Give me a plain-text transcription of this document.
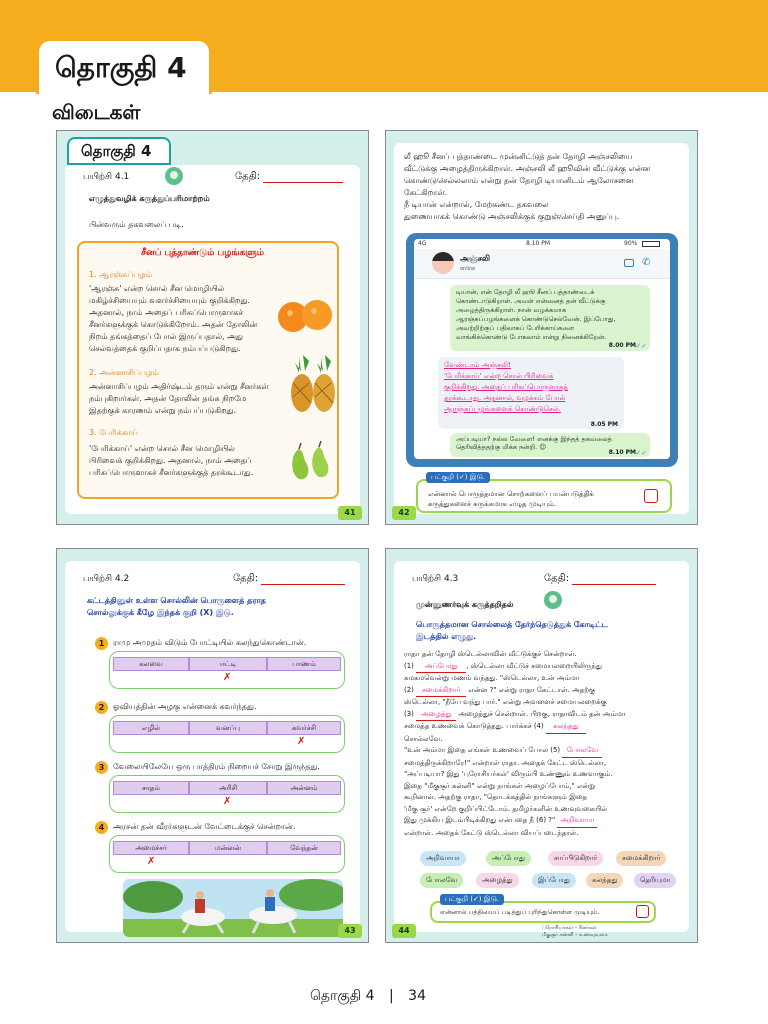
தொகுதி 4
விடைகள்
தொகுதி 4
பயிற்சி 4.1	தேதி:
எழுத்துவழிக் கருத்துப்பரிமாற்றம்
பின்வரும் தகவலைப் படி.
சீனப் புத்தாண்டும் பழங்களும்
1. ஆரஞ்சுப்பழம்
'ஆரஞ்சு' என்ற சொல் சீன மொழியில்
மகிழ்ச்சியையும் வளர்ச்சியையும் குறிக்கிறது.
அதனால், நாம் அதைப் பரிசுப்பொருளாகச்
சீனர்களுக்குக் கொடுக்கிறோம். அதன் தோலின்
நிறம் தங்கத்தைப் போல் இருப்பதால், அது
செல்வத்தைக் குறிப்பதாக நம்பப்படுகிறது.
2. அன்னாசிப்பழம்
அன்னாசிப்பழம் அதிர்ஷ்டம் தரும் என்று சீனர்கள்
நம்புகிறார்கள். அதன் தோலின் தங்க நிறமே
இதற்குக் காரணம் என்று நம்பப்படுகிறது.
3. பேரிக்காய்
'பேரிக்காய்' என்ற சொல் சீன மொழியில்
பிரிவைக் குறிக்கிறது. அதனால், நாம் அதைப்
பரிசுப்பொருளாகச் சீனர்களுக்குத் தரக்கூடாது.
41
லீ ஹூ சீனப் புத்தாண்டை முன்னிட்டுத் தன் தோழி அஞ்சலியை
வீட்டுக்கு அழைத்திருக்கிறாள். அஞ்சலி லீ ஹூவின் வீட்டுக்கு என்ன
கொண்டுசெல்லலாம் என்று தன் தோழி டியானிடம் ஆலோசனை
கேட்கிறாள்.
நீ டியான் என்றால், மேற்கண்ட தகவலை
துணையாகக் கொண்டு அஞ்சலிக்குக் குறுஞ்செய்தி அனுப்பு.
4G	8.10 PM	90%
அஞ்சலி
online
✆
டியான், என் தோழி லீ ஹூ சீனப் புத்தாண்டைக்
கொண்டாடுகிறாள். அவள் என்னைத் தன் வீட்டுக்கு
அழைத்திருக்கிறாள். நான் வழக்கமாக
ஆரஞ்சுப்பழங்களைக் கொண்டுசெல்வேன். இப்போது,
அவற்றிற்குப் பதிலாகப் பேரிக்காய்களை
வாங்கிக்கொண்டு போகலாம் என்று நினைக்கிறேன்.
8.00 PM ✓✓
வேண்டாம் அஞ்சலி!
'பேரிக்காய்' என்ற சொல் பிரிவைக்
குறிக்கிறது. அதைப் பரிசுப்பொருளாகத்
தரக்கூடாது. அதனால், வழக்கம் போல்
ஆரஞ்சுப்பழங்களைக் கொண்டுசெல்.
8.05 PM
அப்படியா? நல்ல வேளை! எனக்கு இந்தத் தகவலைத்
தெரிவித்ததற்கு மிக்க நன்றி. ☺
8.10 PM ✓✓
பட்குறி (✓) இடு.
என்னால் பொருத்தமான சொற்களைப் பயன்படுத்திக்
கருத்துகளைச் சுருக்கமாக எழுத முடியும்.
42
பயிற்சி 4.2	தேதி:
கட்டத்தினுள் உள்ள சொல்லின் பொருளைத் தராத
சொல்லுக்குக் கீழே இந்தக் குறி (X) இடு.
1	ராமு அமுதம் விடும் போட்டியில் கலந்துகொண்டான்.
கலவை	ஈட்டி	பாணம்
✗
2	ஓவியத்தின் அழகு என்னைக் கவர்ந்தது.
எழில்	வனப்பு	கவர்ச்சி
✗
3	வேலையிலேயே ஒரு பாத்திரம் நிறையச் சோறு இருந்தது.
சாதம்	அரிசி	அன்னம்
✗
4	அரசன் தன் வீரர்களுடன் வேட்டைக்குச் சென்றான்.
அமைச்சர்	மன்னன்	வேந்தன்
✗
43
பயிற்சி 4.3	தேதி:
முன்னுணர்வுக் கருத்தறிதல்
பொருத்தமான சொல்லைத் தேர்ந்தெடுத்துக் கோடிட்ட
இடத்தில் எழுது.
ராதா தன் தோழி ஸ்டெல்லாவின் வீட்டுக்குச் சென்றாள்.
(1) அப்போது , ஸ்டெல்லா வீட்டுச் சமையலறையிலிருந்து
கமகமவென்று மணம் வந்தது. "ஸ்டெல்லா, உன் அம்மா
(2) சமைக்கிறார் என்ன ?" என்று ராதா கேட்டாள். அதற்கு
ஸ்டெல்லா, "நீயே வந்து பார்." என்று அவளைச் சமையலறைக்கு
(3) அழைத்து அழைத்துச் சென்றாள். பிறகு, ராதாவிடம் தன் அம்மா
சமைத்த உணவைக் கொடுத்தது. பார்க்கச் (4) கலந்தது
சொல்லவே.
"உன் அம்மா இதை எங்கள் உணவைப் போல (5) போலவே
சமைத்திருக்கிறாரே!" என்றாள் ராதா. அதைக் கேட்ட ஸ்டெல்லா,
"அப்படியா? இது 'புரோசியர்கள்' விரும்பி உண்ணும் உணவாகும்.
இதை "மீகுசூர் கன்னி" என்று நாங்கள் அழைப்போம்," என்று
கூறினாள். அதற்கு ராதா, "தொடக்கத்தில் நாங்களும் இதை
'மீகு சூர்' என்றே குறிப்பிட்டோம். தமிழர்களின் உணவுவகையில்
இது முக்கிய இடம்பிடிக்கிறது என்பதை நீ (6) ?" அறிவாயா
என்றாள். அதைக் கேட்டு ஸ்டெல்லா வியப்படைந்தாள்.
அறிவாயா	அப்போது	சாப்பிடுகிறார்	சமைக்கிறார்
போலவே	அழைத்து	இப்போது	கலந்தது	தெரியுமா
பட்குறி (✓) இடு.
என்னால் பத்தியைப் படித்துப் புரிந்துகொள்ள முடியும்.
ப்ரோசியர்கள் – சீனர்கள்
மீகுசூர் கன்னி – உணவுவகை
44
தொகுதி 4 | 34
